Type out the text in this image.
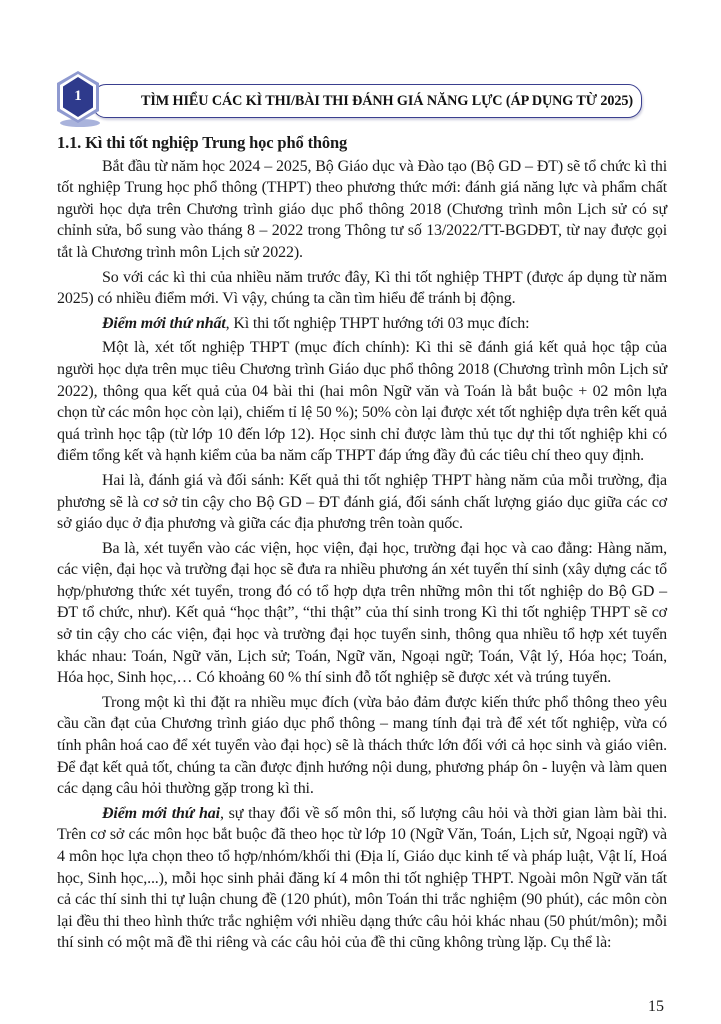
TÌM HIỂU CÁC KÌ THI/BÀI THI ĐÁNH GIÁ NĂNG LỰC (ÁP DỤNG TỪ 2025)
1
1.1. Kì thi tốt nghiệp Trung học phổ thông

Bắt đầu từ năm học 2024 – 2025, Bộ Giáo dục và Đào tạo (Bộ GD – ĐT) sẽ tổ chức kì thi tốt nghiệp Trung học phổ thông (THPT) theo phương thức mới: đánh giá năng lực và phẩm chất người học dựa trên Chương trình giáo dục phổ thông 2018 (Chương trình môn Lịch sử có sự chỉnh sửa, bổ sung vào tháng 8 – 2022 trong Thông tư số 13/2022/TT-BGDĐT, từ nay được gọi tắt là Chương trình môn Lịch sử 2022).

So với các kì thi của nhiều năm trước đây, Kì thi tốt nghiệp THPT (được áp dụng từ năm 2025) có nhiều điểm mới. Vì vậy, chúng ta cần tìm hiểu để tránh bị động.

Điểm mới thứ nhất, Kì thi tốt nghiệp THPT hướng tới 03 mục đích:

Một là, xét tốt nghiệp THPT (mục đích chính): Kì thi sẽ đánh giá kết quả học tập của người học dựa trên mục tiêu Chương trình Giáo dục phổ thông 2018 (Chương trình môn Lịch sử 2022), thông qua kết quả của 04 bài thi (hai môn Ngữ văn và Toán là bắt buộc + 02 môn lựa chọn từ các môn học còn lại), chiếm tỉ lệ 50 %); 50% còn lại được xét tốt nghiệp dựa trên kết quả quá trình học tập (từ lớp 10 đến lớp 12). Học sinh chỉ được làm thủ tục dự thi tốt nghiệp khi có điểm tổng kết và hạnh kiểm của ba năm cấp THPT đáp ứng đầy đủ các tiêu chí theo quy định.

Hai là, đánh giá và đối sánh: Kết quả thi tốt nghiệp THPT hàng năm của mỗi trường, địa phương sẽ là cơ sở tin cậy cho Bộ GD – ĐT đánh giá, đối sánh chất lượng giáo dục giữa các cơ sở giáo dục ở địa phương và giữa các địa phương trên toàn quốc.

Ba là, xét tuyển vào các viện, học viện, đại học, trường đại học và cao đẳng: Hàng năm, các viện, đại học và trường đại học sẽ đưa ra nhiều phương án xét tuyển thí sinh (xây dựng các tổ hợp/phương thức xét tuyển, trong đó có tổ hợp dựa trên những môn thi tốt nghiệp do Bộ GD – ĐT tổ chức, như). Kết quả “học thật”, “thi thật” của thí sinh trong Kì thi tốt nghiệp THPT sẽ cơ sở tin cậy cho các viện, đại học và trường đại học tuyển sinh, thông qua nhiều tổ hợp xét tuyển khác nhau: Toán, Ngữ văn, Lịch sử; Toán, Ngữ văn, Ngoại ngữ; Toán, Vật lý, Hóa học; Toán, Hóa học, Sinh học,… Có khoảng 60 % thí sinh đỗ tốt nghiệp sẽ được xét và trúng tuyển.

Trong một kì thi đặt ra nhiều mục đích (vừa bảo đảm được kiến thức phổ thông theo yêu cầu cần đạt của Chương trình giáo dục phổ thông – mang tính đại trà để xét tốt nghiệp, vừa có tính phân hoá cao để xét tuyển vào đại học) sẽ là thách thức lớn đối với cả học sinh và giáo viên. Để đạt kết quả tốt, chúng ta cần được định hướng nội dung, phương pháp ôn - luyện và làm quen các dạng câu hỏi thường gặp trong kì thi.

Điểm mới thứ hai, sự thay đổi về số môn thi, số lượng câu hỏi và thời gian làm bài thi. Trên cơ sở các môn học bắt buộc đã theo học từ lớp 10 (Ngữ Văn, Toán, Lịch sử, Ngoại ngữ) và 4 môn học lựa chọn theo tổ hợp/nhóm/khối thi (Địa lí, Giáo dục kinh tế và pháp luật, Vật lí, Hoá học, Sinh học,...), mỗi học sinh phải đăng kí 4 môn thi tốt nghiệp THPT. Ngoài môn Ngữ văn tất cả các thí sinh thi tự luận chung đề (120 phút), môn Toán thi trắc nghiệm (90 phút), các môn còn lại đều thi theo hình thức trắc nghiệm với nhiều dạng thức câu hỏi khác nhau (50 phút/môn); mỗi thí sinh có một mã đề thi riêng và các câu hỏi của đề thi cũng không trùng lặp. Cụ thể là:

15
